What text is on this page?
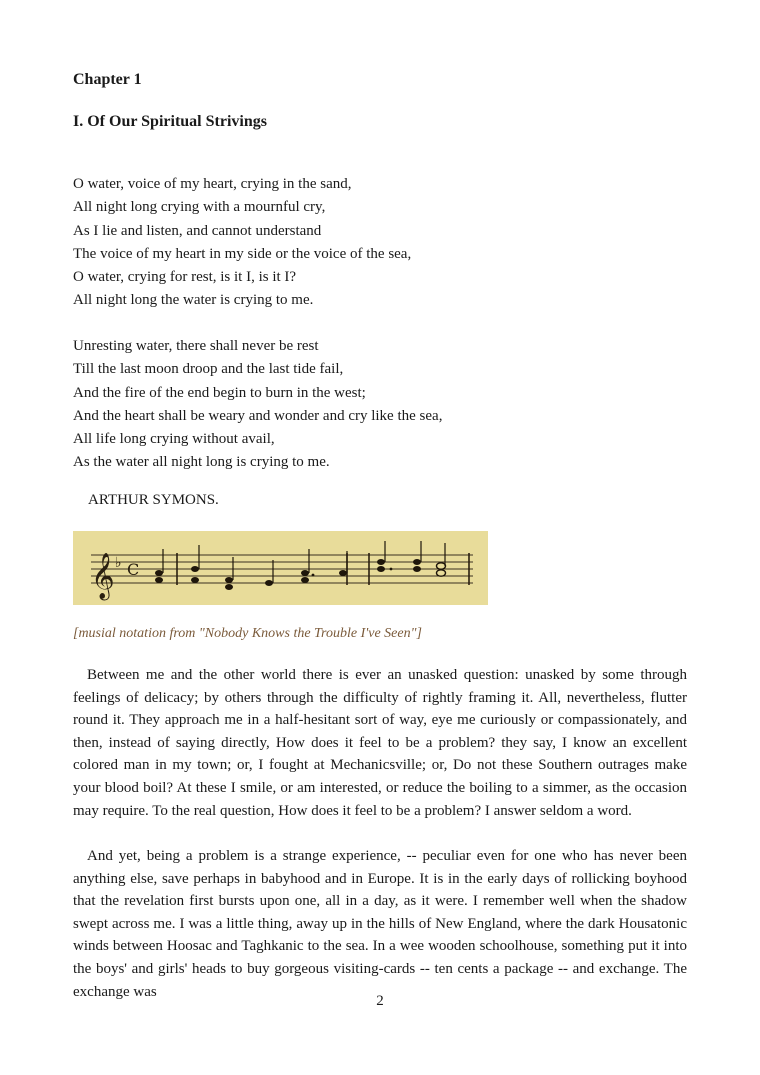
Chapter 1
I. Of Our Spiritual Strivings
O water, voice of my heart, crying in the sand,
All night long crying with a mournful cry,
As I lie and listen, and cannot understand
The voice of my heart in my side or the voice of the sea,
O water, crying for rest, is it I, is it I?
All night long the water is crying to me.
Unresting water, there shall never be rest
Till the last moon droop and the last tide fail,
And the fire of the end begin to burn in the west;
And the heart shall be weary and wonder and cry like the sea,
All life long crying without avail,
As the water all night long is crying to me.
ARTHUR SYMONS.
𝄞 ♭ C
[musial notation from "Nobody Knows the Trouble I've Seen"]

Between me and the other world there is ever an unasked question: unasked by some through feelings of delicacy; by others through the difficulty of rightly framing it. All, nevertheless, flutter round it. They approach me in a half-hesitant sort of way, eye me curiously or compassionately, and then, instead of saying directly, How does it feel to be a problem? they say, I know an excellent colored man in my town; or, I fought at Mechanicsville; or, Do not these Southern outrages make your blood boil? At these I smile, or am interested, or reduce the boiling to a simmer, as the occasion may require. To the real question, How does it feel to be a problem? I answer seldom a word.

And yet, being a problem is a strange experience, -- peculiar even for one who has never been anything else, save perhaps in babyhood and in Europe. It is in the early days of rollicking boyhood that the revelation first bursts upon one, all in a day, as it were. I remember well when the shadow swept across me. I was a little thing, away up in the hills of New England, where the dark Housatonic winds between Hoosac and Taghkanic to the sea. In a wee wooden schoolhouse, something put it into the boys' and girls' heads to buy gorgeous visiting-cards -- ten cents a package -- and exchange. The exchange was

2
